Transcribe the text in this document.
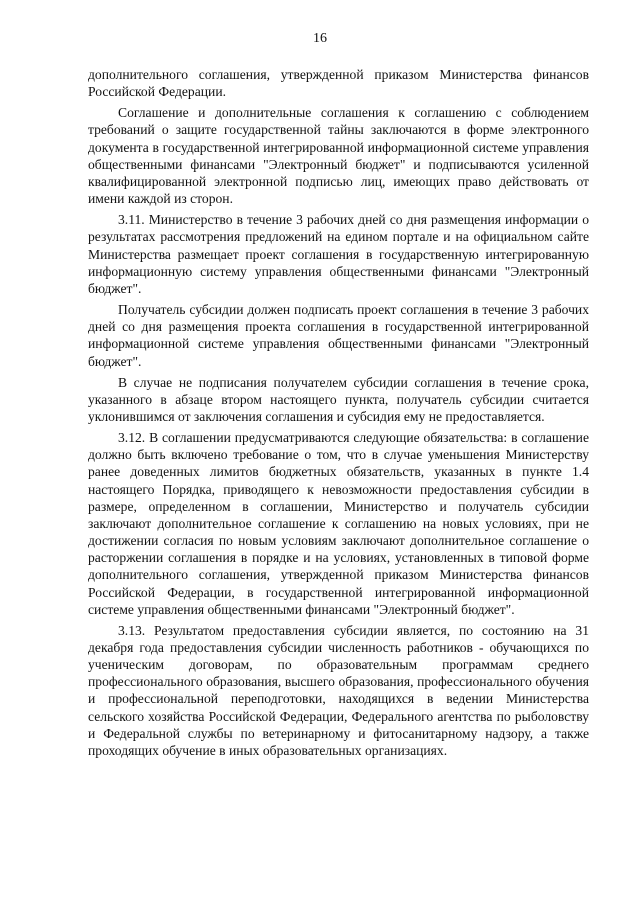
16

дополнительного соглашения, утвержденной приказом Министерства финансов Российской Федерации.

Соглашение и дополнительные соглашения к соглашению с соблюдением требований о защите государственной тайны заключаются в форме электронного документа в государственной интегрированной информационной системе управления общественными финансами "Электронный бюджет" и подписываются усиленной квалифицированной электронной подписью лиц, имеющих право действовать от имени каждой из сторон.

3.11. Министерство в течение 3 рабочих дней со дня размещения информации о результатах рассмотрения предложений на едином портале и на официальном сайте Министерства размещает проект соглашения в государственную интегрированную информационную систему управления общественными финансами "Электронный бюджет".

Получатель субсидии должен подписать проект соглашения в течение 3 рабочих дней со дня размещения проекта соглашения в государственной интегрированной информационной системе управления общественными финансами "Электронный бюджет".

В случае не подписания получателем субсидии соглашения в течение срока, указанного в абзаце втором настоящего пункта, получатель субсидии считается уклонившимся от заключения соглашения и субсидия ему не предоставляется.

3.12. В соглашении предусматриваются следующие обязательства: в соглашение должно быть включено требование о том, что в случае уменьшения Министерству ранее доведенных лимитов бюджетных обязательств, указанных в пункте 1.4 настоящего Порядка, приводящего к невозможности предоставления субсидии в размере, определенном в соглашении, Министерство и получатель субсидии заключают дополнительное соглашение к соглашению на новых условиях, при не достижении согласия по новым условиям заключают дополнительное соглашение о расторжении соглашения в порядке и на условиях, установленных в типовой форме дополнительного соглашения, утвержденной приказом Министерства финансов Российской Федерации, в государственной интегрированной информационной системе управления общественными финансами "Электронный бюджет".

3.13. Результатом предоставления субсидии является, по состоянию на 31 декабря года предоставления субсидии численность работников - обучающихся по ученическим договорам, по образовательным программам среднего профессионального образования, высшего образования, профессионального обучения и профессиональной переподготовки, находящихся в ведении Министерства сельского хозяйства Российской Федерации, Федерального агентства по рыболовству и Федеральной службы по ветеринарному и фитосанитарному надзору, а также проходящих обучение в иных образовательных организациях.
